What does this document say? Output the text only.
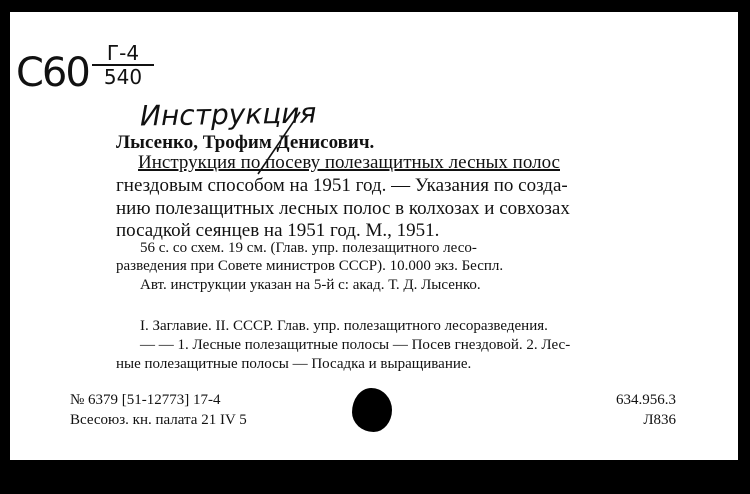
С60 Г-4
540
Инструкция
Лысенко, Трофим Денисович.
Инструкция по посеву полезащитных лесных полос
гнездовым способом на 1951 год. — Указания по созда-
нию полезащитных лесных полос в колхозах и совхозах
посадкой сеянцев на 1951 год. М., 1951.
56 с. со схем. 19 см. (Глав. упр. полезащитного лесо-
разведения при Совете министров СССР). 10.000 экз. Беспл.
Авт. инструкции указан на 5-й с: акад. Т. Д. Лысенко.
I. Заглавие. II. СССР. Глав. упр. полезащитного лесоразведения.
— — 1. Лесные полезащитные полосы — Посев гнездовой. 2. Лес-
ные полезащитные полосы — Посадка и выращивание.
№ 6379 [51-12773] 17-4
Всесоюз. кн. палата 21 IV 5
634.956.3
Л836
